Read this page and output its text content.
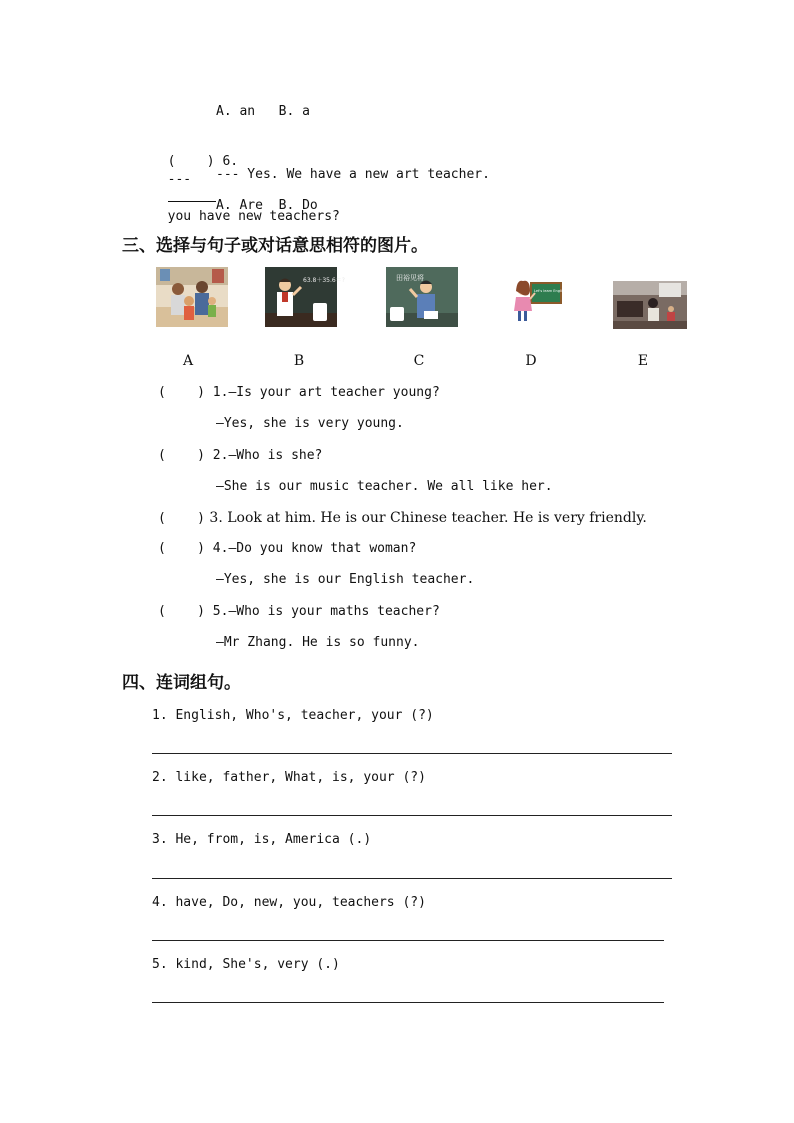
A. an   B. a

(    ) 6.
---

you have new teachers?

--- Yes. We have a new art teacher.
A. Are  B. Do
三、选择与句子或对话意思相符的图片。
63.8＋35.6＝?	田裕见将
Let's learn English
A	B	C	D	E
(    ) 1.—Is your art teacher young?
—Yes, she is very young.
(    ) 2.—Who is she?
—She is our music teacher. We all like her.
(    ) 3. Look at him. He is our Chinese teacher. He is very friendly.
(    ) 4.—Do you know that woman?
—Yes, she is our English teacher.
(    ) 5.—Who is your maths teacher?
—Mr Zhang. He is so funny.
四、连词组句。
1. English, Who's, teacher, your (?)
2. like, father, What, is, your (?)
3. He, from, is, America (.)
4. have, Do, new, you, teachers (?)
5. kind, She's, very (.)
